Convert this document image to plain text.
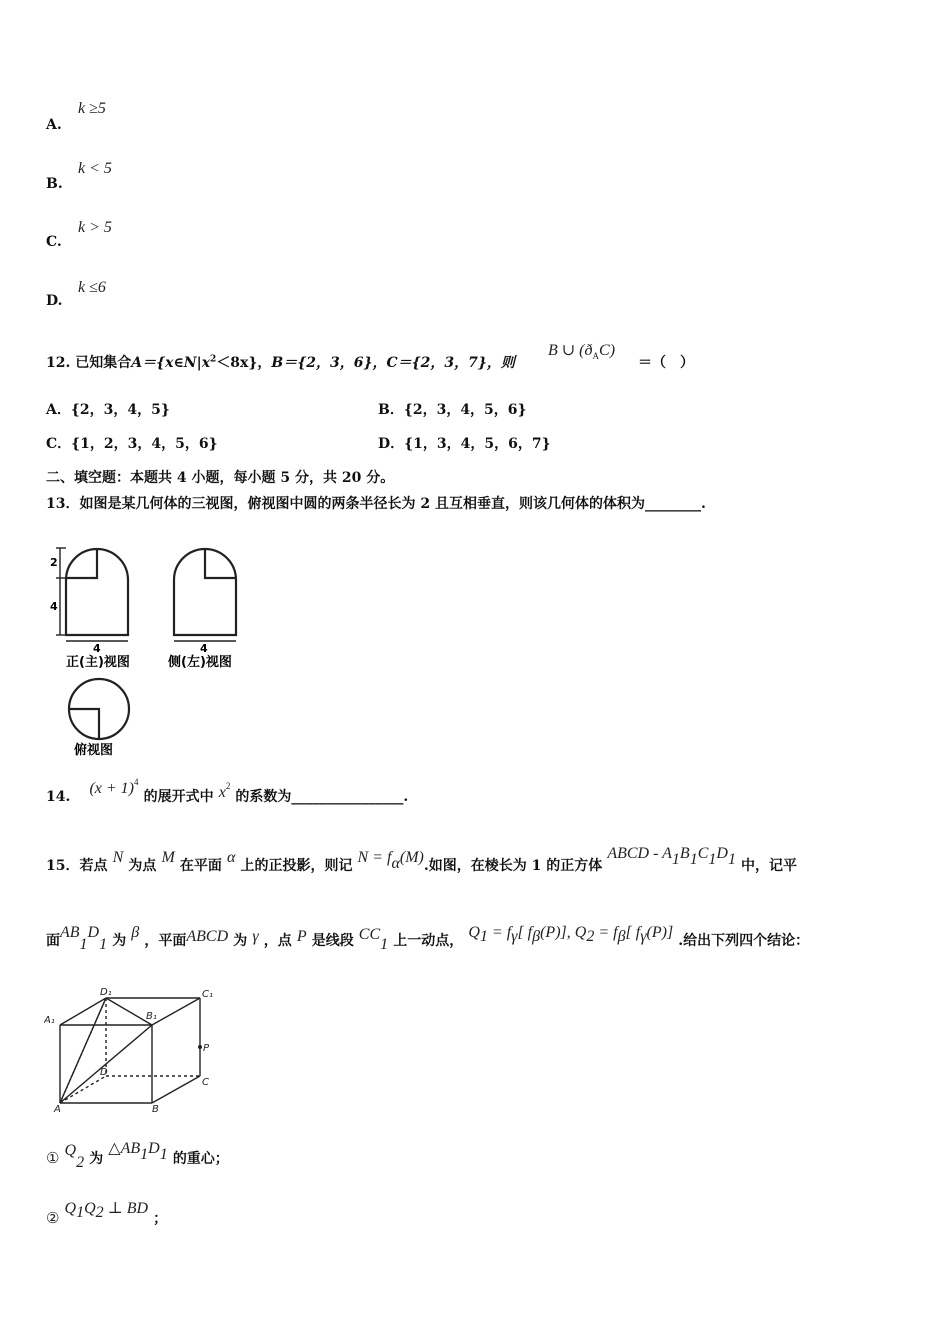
A.
k ≥5
B.
k < 5
C.
k > 5
D.
k ≤6
12. 已知集合$A=\{x\in N|x^2<8x\}$，B＝{2，3，6}，C＝{2，3，7}，则
B ∪ $(ð_AC)$
＝（　）
A．{2，3，4，5}	B．{2，3，4，5，6}
C．{1，2，3，4，5，6}	D．{1，3，4，5，6，7}
二、填空题：本题共 4 小题，每小题 5 分，共 20 分。
13．如图是某几何体的三视图，俯视图中圆的两条半径长为 2 且互相垂直，则该几何体的体积为________.
2
4
4
正(主)视图
4
侧(左)视图
俯视图
14. $(x + 1)^4$ 的展开式中 $x^2$ 的系数为________________.
15．若点 N 为点 M 在平面 α 上的正投影，则记 $N = f_\alpha(M)$.如图，在棱长为 1 的正方体 ABCD - $A_1B_1C_1D_1$ 中，记平
面$AB_1D_1$ 为 β ，平面ABCD 为 γ ，点 P 是线段 $CC_1$ 上一动点， $Q_1 = f_\gamma$[ $f_\beta(P)$], $Q_2 = f_\beta$[ $f_\gamma(P)$] .给出下列四个结论：
D₁	C₁
A₁	B₁
P
D
C
A	B
① $Q_2$ 为 $\triangle AB_1D_1$ 的重心；
② $Q_1Q_2$ ⊥ BD ；
